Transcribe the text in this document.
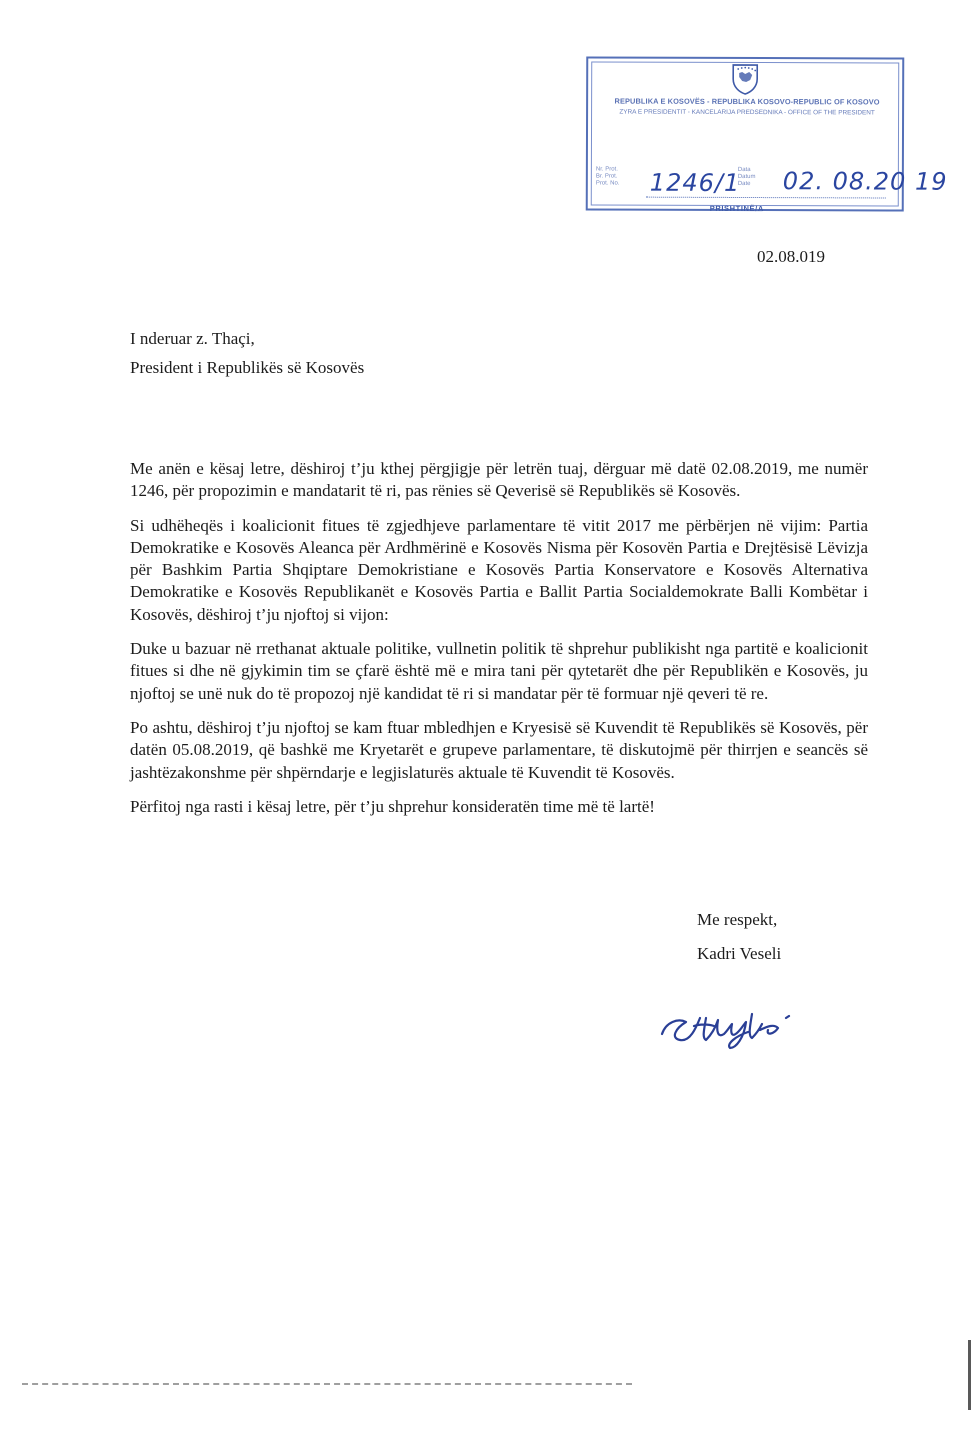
REPUBLIKA E KOSOVËS - REPUBLIKA KOSOVO-REPUBLIC OF KOSOVO
ZYRA E PRESIDENTIT - KANCELARIJA PREDSEDNIKA - OFFICE OF THE PRESIDENT
Nr. Prot.
Br. Prot.
Prot. No. 1246/1
Data
Datum
Date 02. 08.20 19
PRISHTINË/A
02.08.019
I nderuar z. Thaçi,
President i Republikës së Kosovës

Me anën e kësaj letre, dëshiroj t’ju kthej përgjigje për letrën tuaj, dërguar më datë 02.08.2019, me numër 1246, për propozimin e mandatarit të ri, pas rënies së Qeverisë së Republikës së Kosovës.

Si udhëheqës i koalicionit fitues të zgjedhjeve parlamentare të vitit 2017 me përbërjen në vijim: Partia Demokratike e Kosovës Aleanca për Ardhmërinë e Kosovës Nisma për Kosovën Partia e Drejtësisë Lëvizja për Bashkim Partia Shqiptare Demokristiane e Kosovës Partia Konservatore e Kosovës Alternativa Demokratike e Kosovës Republikanët e Kosovës Partia e Ballit Partia Socialdemokrate Balli Kombëtar i Kosovës, dëshiroj t’ju njoftoj si vijon:

Duke u bazuar në rrethanat aktuale politike, vullnetin politik të shprehur publikisht nga partitë e koalicionit fitues si dhe në gjykimin tim se çfarë është më e mira tani për qytetarët dhe për Republikën e Kosovës, ju njoftoj se unë nuk do të propozoj një kandidat të ri si mandatar për të formuar një qeveri të re.

Po ashtu, dëshiroj t’ju njoftoj se kam ftuar mbledhjen e Kryesisë së Kuvendit të Republikës së Kosovës, për datën 05.08.2019, që bashkë me Kryetarët e grupeve parlamentare, të diskutojmë për thirrjen e seancës së jashtëzakonshme për shpërndarje e legjislaturës aktuale të Kuvendit të Kosovës.

Përfitoj nga rasti i kësaj letre, për t’ju shprehur konsideratën time më të lartë!

Me respekt,
Kadri Veseli
